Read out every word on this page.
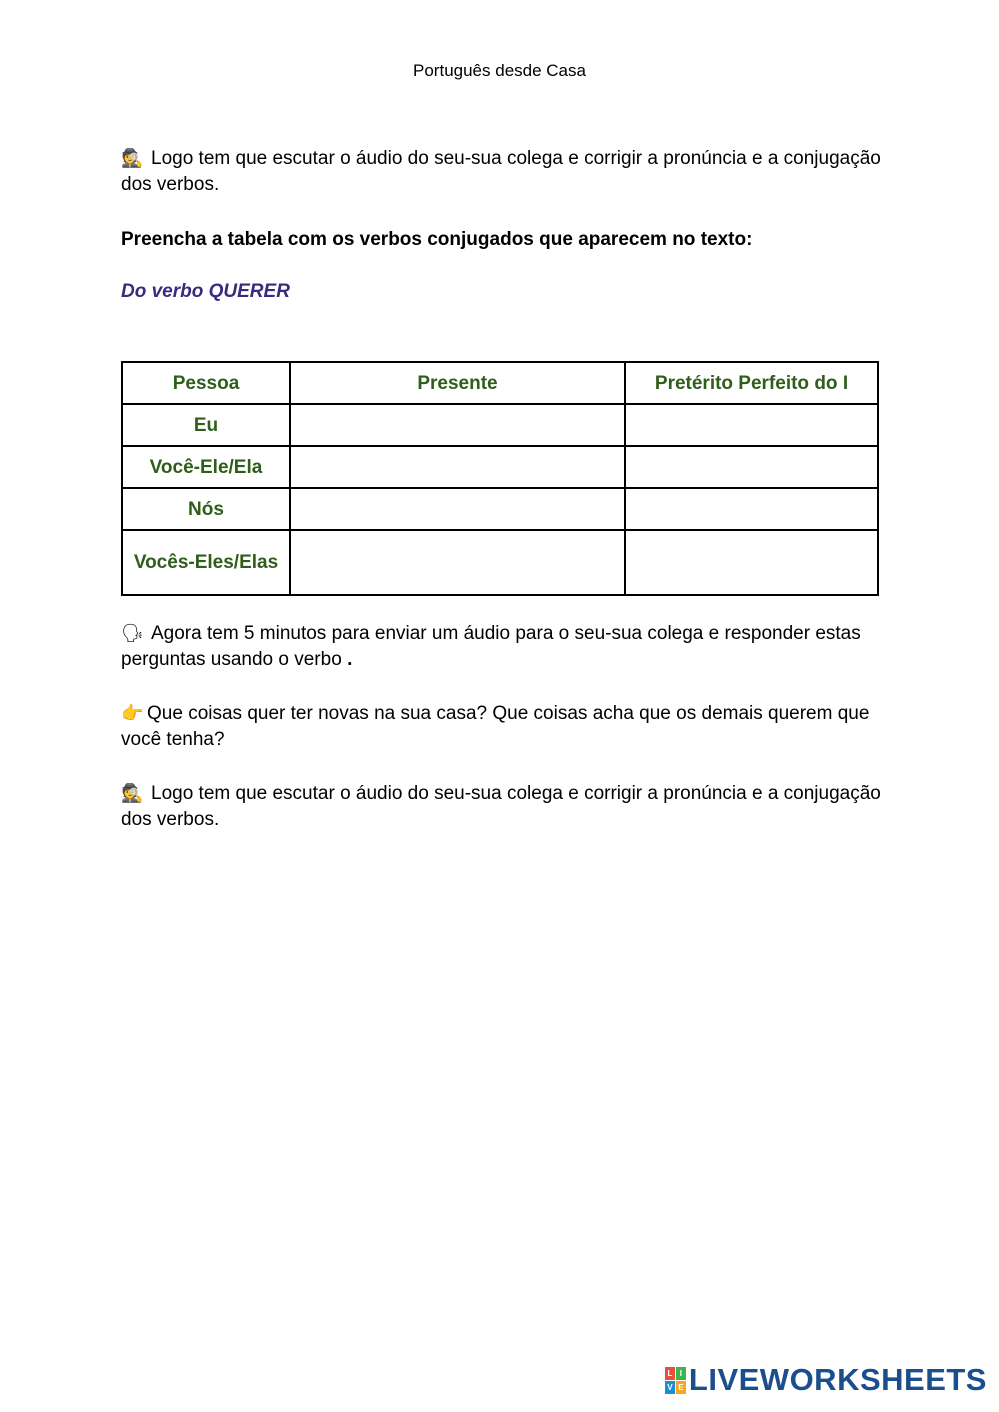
Português desde Casa
🕵 Logo tem que escutar o áudio do seu-sua colega e corrigir a pronúncia e a conjugação dos verbos.
Preencha a tabela com os verbos conjugados que aparecem no texto:
Do verbo QUERER
Pessoa	Presente	Pretérito Perfeito do I
Eu		
Você-Ele/Ela		
Nós		
Vocês-Eles/Elas		
🗣 Agora tem 5 minutos para enviar um áudio para o seu-sua colega e responder estas perguntas usando o verbo .
👉 Que coisas quer ter novas na sua casa? Que coisas acha que os demais querem que você tenha?
🕵 Logo tem que escutar o áudio do seu-sua colega e corrigir a pronúncia e a conjugação dos verbos.
L I
V E LIVEWORKSHEETS
